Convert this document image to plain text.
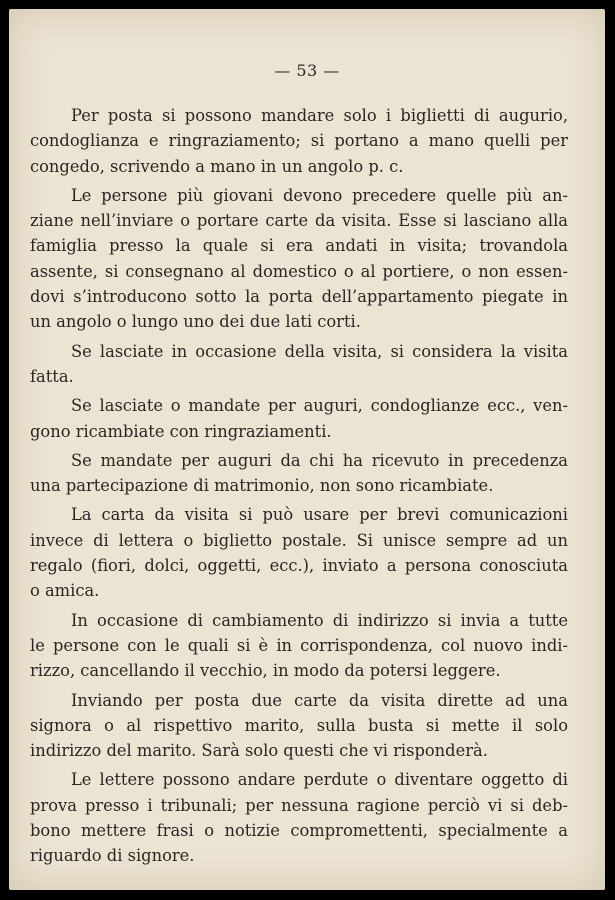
— 53 —
Per posta si possono mandare solo i biglietti di augurio,
condoglianza e ringraziamento; si portano a mano quelli per
congedo, scrivendo a mano in un angolo p. c.
Le persone più giovani devono precedere quelle più an-
ziane nell’inviare o portare carte da visita. Esse si lasciano alla
famiglia presso la quale si era andati in visita; trovandola
assente, si consegnano al domestico o al portiere, o non essen-
dovi s’introducono sotto la porta dell’appartamento piegate in
un angolo o lungo uno dei due lati corti.
Se lasciate in occasione della visita, si considera la visita
fatta.
Se lasciate o mandate per auguri, condoglianze ecc., ven-
gono ricambiate con ringraziamenti.
Se mandate per auguri da chi ha ricevuto in precedenza
una partecipazione di matrimonio, non sono ricambiate.
La carta da visita si può usare per brevi comunicazioni
invece di lettera o biglietto postale. Si unisce sempre ad un
regalo (fiori, dolci, oggetti, ecc.), inviato a persona conosciuta
o amica.
In occasione di cambiamento di indirizzo si invia a tutte
le persone con le quali si è in corrispondenza, col nuovo indi-
rizzo, cancellando il vecchio, in modo da potersi leggere.
Inviando per posta due carte da visita dirette ad una
signora o al rispettivo marito, sulla busta si mette il solo
indirizzo del marito. Sarà solo questi che vi risponderà.
Le lettere possono andare perdute o diventare oggetto di
prova presso i tribunali; per nessuna ragione perciò vi si deb-
bono mettere frasi o notizie compromettenti, specialmente a
riguardo di signore.
